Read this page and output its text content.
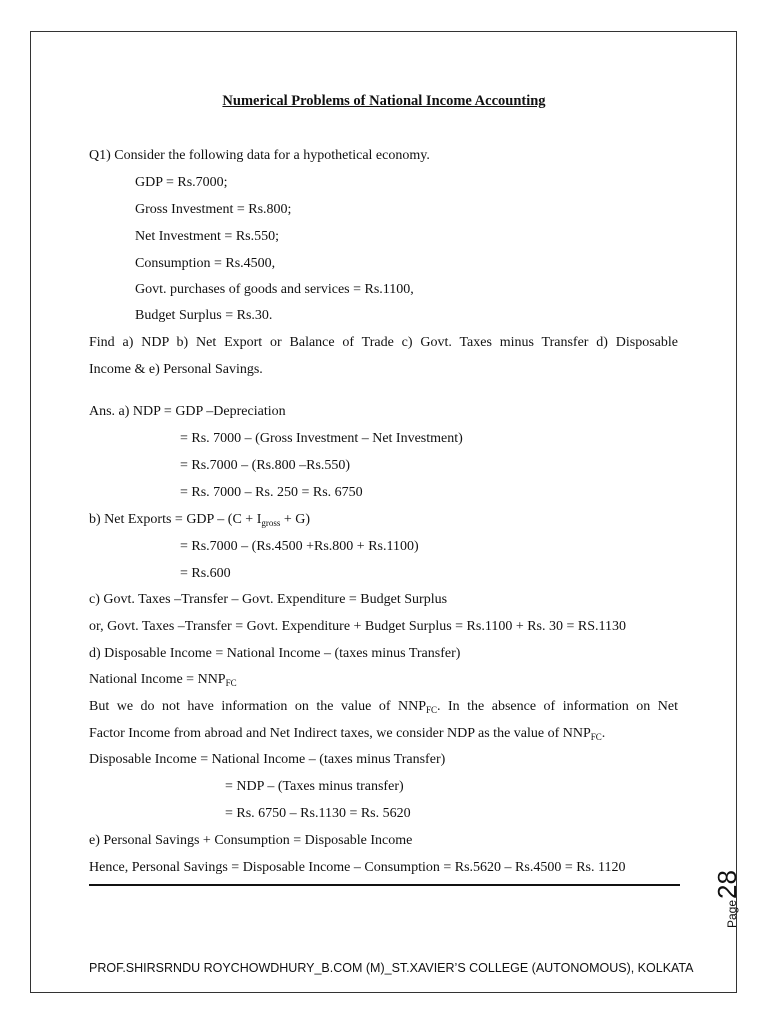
Numerical Problems of National Income Accounting
Q1) Consider the following data for a hypothetical economy.
GDP = Rs.7000;
Gross Investment = Rs.800;
Net Investment = Rs.550;
Consumption = Rs.4500,
Govt. purchases of goods and services = Rs.1100,
Budget Surplus = Rs.30.
Find a) NDP b) Net Export or Balance of Trade c) Govt. Taxes minus Transfer d) Disposable
Income & e) Personal Savings.
Ans. a) NDP = GDP –Depreciation
= Rs. 7000 – (Gross Investment – Net Investment)
= Rs.7000 – (Rs.800 –Rs.550)
= Rs. 7000 – Rs. 250 = Rs. 6750
b) Net Exports = GDP – $(C + I_{gross} + G)$
= Rs.7000 – (Rs.4500 +Rs.800 + Rs.1100)
= Rs.600
c) Govt. Taxes –Transfer – Govt. Expenditure = Budget Surplus
or, Govt. Taxes –Transfer = Govt. Expenditure + Budget Surplus = Rs.1100 + Rs. 30 = RS.1130
d) Disposable Income = National Income – (taxes minus Transfer)
National Income = $NNP_{FC}$
But we do not have information on the value of $NNP_{FC}$. In the absence of information on Net
Factor Income from abroad and Net Indirect taxes, we consider NDP as the value of $NNP_{FC}$.
Disposable Income = National Income – (taxes minus Transfer)
= NDP – (Taxes minus transfer)
= Rs. 6750 – Rs.1130 = Rs. 5620
e) Personal Savings + Consumption = Disposable Income
Hence, Personal Savings = Disposable Income – Consumption = Rs.5620 – Rs.4500 = Rs. 1120
Page
28
PROF.SHIRSRNDU ROYCHOWDHURY_B.COM (M)_ST.XAVIER’S COLLEGE (AUTONOMOUS), KOLKATA
